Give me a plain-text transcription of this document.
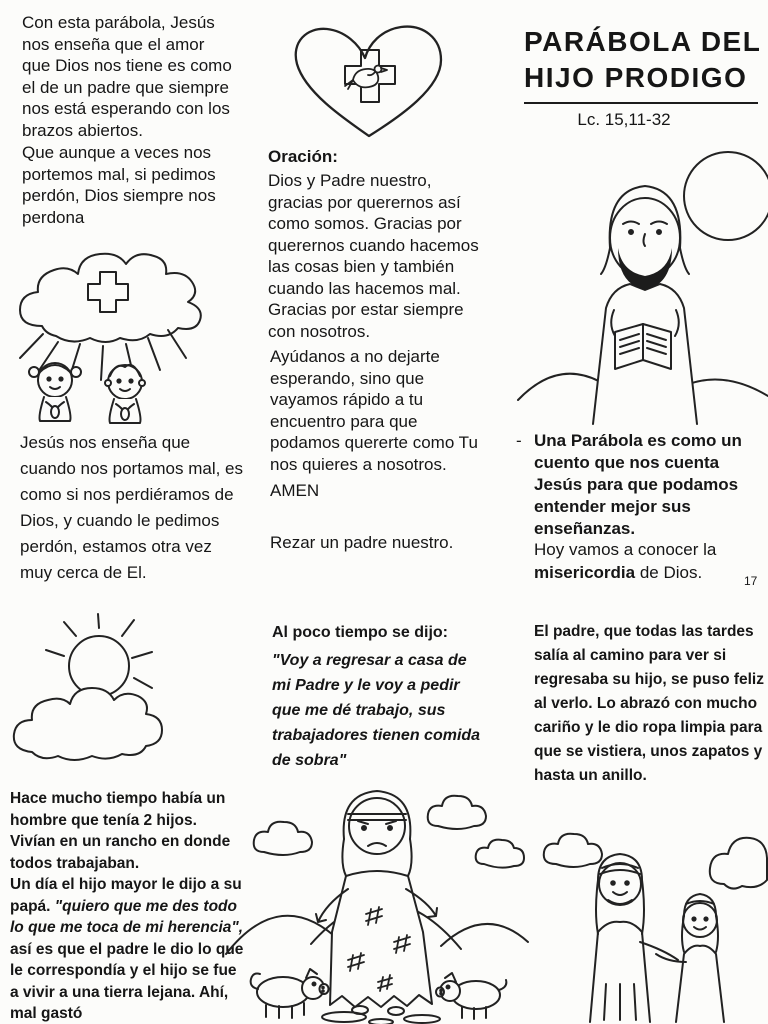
Con esta parábola, Jesús nos enseña que el amor que Dios nos tiene es como el de un padre que siempre nos está esperando con los brazos abiertos.
Que aunque a veces nos portemos mal, si pedimos perdón, Dios siempre nos perdona
Jesús nos enseña que cuando nos portamos mal, es como si nos perdiéramos de Dios, y cuando le pedimos perdón, estamos otra vez muy cerca de El.
Oración:
Dios y Padre nuestro, gracias por querernos así como somos. Gracias por querernos cuando hacemos las cosas bien y también cuando las hacemos mal. Gracias por estar siempre con nosotros.
Ayúdanos a no dejarte esperando, sino que vayamos rápido a tu encuentro para que podamos quererte como Tu nos quieres a nosotros.
AMEN
Rezar un padre nuestro.
PARÁBOLA DEL
HIJO PRODIGO
Lc. 15,11-32
- Una Parábola es como un cuento que nos cuenta Jesús para que podamos entender mejor sus enseñanzas.
Hoy vamos a conocer la misericordia de Dios.	17
Hace mucho tiempo había un hombre que tenía 2 hijos. Vivían en un rancho en donde todos trabajaban.
Un día el hijo mayor le dijo a su papá. "quiero que me des todo lo que me toca de mi herencia", así es que el padre le dio lo que le correspondía y el hijo se fue a vivir a una tierra lejana. Ahí, mal gastó
Al poco tiempo se dijo:
"Voy a regresar a casa de mi Padre y le voy a pedir que me dé trabajo, sus trabajadores tienen comida de sobra"
El padre, que todas las tardes salía al camino para ver si regresaba su hijo, se puso feliz al verlo. Lo abrazó con mucho cariño y le dio ropa limpia para que se vistiera, unos zapatos y hasta un anillo.
